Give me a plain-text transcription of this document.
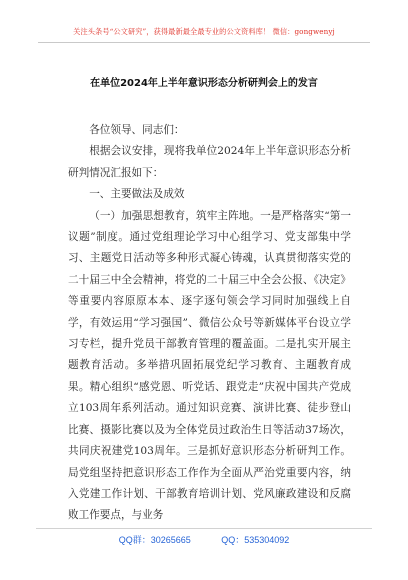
关注头条号“公文研究”，获得最新最全最专业的公文资料库！ 微信：gongwenyj
在单位2024年上半年意识形态分析研判会上的发言

各位领导、同志们：

根据会议安排，现将我单位2024年上半年意识形态分析研判情况汇报如下：

一、主要做法及成效

（一）加强思想教育，筑牢主阵地。一是严格落实“第一议题”制度。通过党组理论学习中心组学习、党支部集中学习、主题党日活动等多种形式凝心铸魂，认真贯彻落实党的二十届三中全会精神，将党的二十届三中全会公报、《决定》等重要内容原原本本、逐字逐句领会学习同时加强线上自学，有效运用“学习强国”、微信公众号等新媒体平台设立学习专栏，提升党员干部教育管理的覆盖面。二是扎实开展主题教育活动。多举措巩固拓展党纪学习教育、主题教育成果。精心组织“感党恩、听党话、跟党走”庆祝中国共产党成立103周年系列活动。通过知识竞赛、演讲比赛、徒步登山比赛、摄影比赛以及为全体党员过政治生日等活动37场次，共同庆祝建党103周年。三是抓好意识形态分析研判工作。局党组坚持把意识形态工作作为全面从严治党重要内容，纳入党建工作计划、干部教育培训计划、党风廉政建设和反腐败工作要点，与业务

QQ群：30265665	QQ：535304092
